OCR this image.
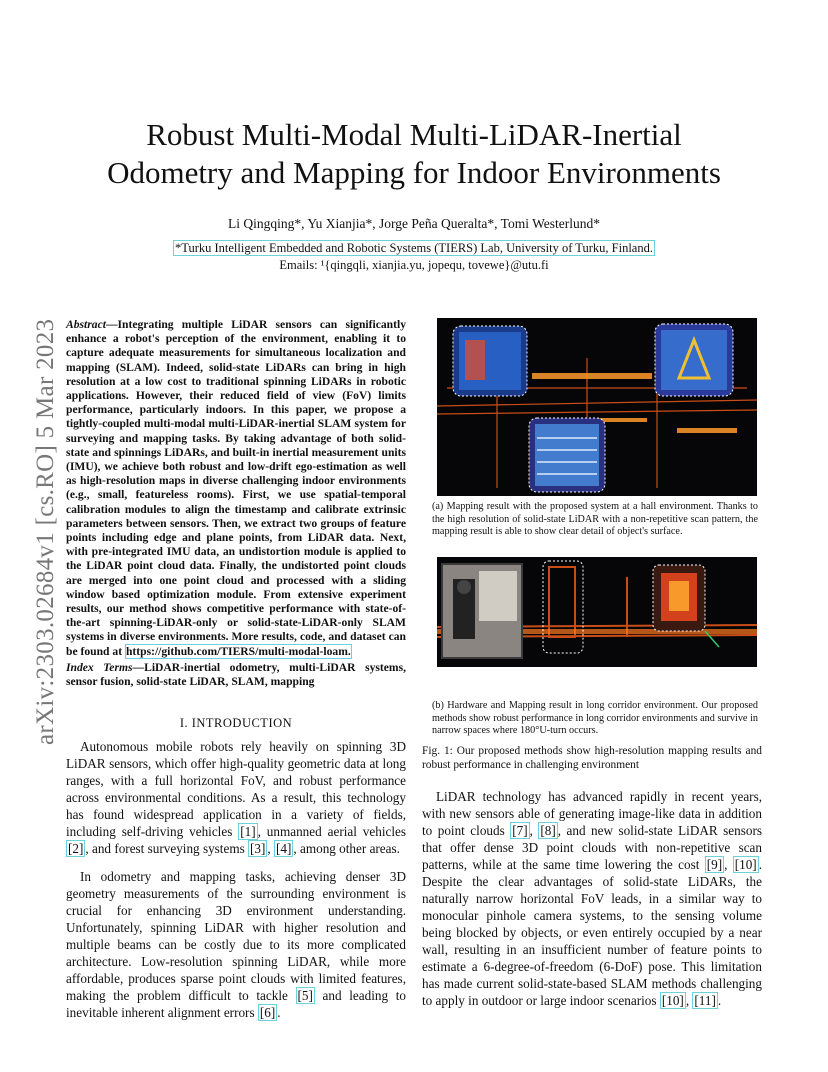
arXiv:2303.02684v1 [cs.RO] 5 Mar 2023
Robust Multi-Modal Multi-LiDAR-Inertial
Odometry and Mapping for Indoor Environments
Li Qingqing*, Yu Xianjia*, Jorge Peña Queralta*, Tomi Westerlund*
*Turku Intelligent Embedded and Robotic Systems (TIERS) Lab, University of Turku, Finland.
Emails: ¹{qingqli, xianjia.yu, jopequ, tovewe}@utu.fi
Abstract—Integrating multiple LiDAR sensors can significantly enhance a robot's perception of the environment, enabling it to capture adequate measurements for simultaneous localization and mapping (SLAM). Indeed, solid-state LiDARs can bring in high resolution at a low cost to traditional spinning LiDARs in robotic applications. However, their reduced field of view (FoV) limits performance, particularly indoors. In this paper, we propose a tightly-coupled multi-modal multi-LiDAR-inertial SLAM system for surveying and mapping tasks. By taking advantage of both solid-state and spinnings LiDARs, and built-in inertial measurement units (IMU), we achieve both robust and low-drift ego-estimation as well as high-resolution maps in diverse challenging indoor environments (e.g., small, featureless rooms). First, we use spatial-temporal calibration modules to align the timestamp and calibrate extrinsic parameters between sensors. Then, we extract two groups of feature points including edge and plane points, from LiDAR data. Next, with pre-integrated IMU data, an undistortion module is applied to the LiDAR point cloud data. Finally, the undistorted point clouds are merged into one point cloud and processed with a sliding window based optimization module. From extensive experiment results, our method shows competitive performance with state-of-the-art spinning-LiDAR-only or solid-state-LiDAR-only SLAM systems in diverse environments. More results, code, and dataset can be found at https://github.com/TIERS/multi-modal-loam.
Index Terms—LiDAR-inertial odometry, multi-LiDAR systems, sensor fusion, solid-state LiDAR, SLAM, mapping
I. INTRODUCTION

Autonomous mobile robots rely heavily on spinning 3D LiDAR sensors, which offer high-quality geometric data at long ranges, with a full horizontal FoV, and robust performance across environmental conditions. As a result, this technology has found widespread application in a variety of fields, including self-driving vehicles [1] , unmanned aerial vehicles [2] , and forest surveying systems [3] , [4] , among other areas.

In odometry and mapping tasks, achieving denser 3D geometry measurements of the surrounding environment is crucial for enhancing 3D environment understanding. Unfortunately, spinning LiDAR with higher resolution and multiple beams can be costly due to its more complicated architecture. Low-resolution spinning LiDAR, while more affordable, produces sparse point clouds with limited features, making the problem difficult to tackle [5] and leading to inevitable inherent alignment errors [6] .

(a) Mapping result with the proposed system at a hall environment. Thanks to the high resolution of solid-state LiDAR with a non-repetitive scan pattern, the mapping result is able to show clear detail of object's surface.
(b) Hardware and Mapping result in long corridor environment. Our proposed methods show robust performance in long corridor environments and survive in narrow spaces where 180°U-turn occurs.
Fig. 1: Our proposed methods show high-resolution mapping results and robust performance in challenging environment

LiDAR technology has advanced rapidly in recent years, with new sensors able of generating image-like data in addition to point clouds [7] , [8] , and new solid-state LiDAR sensors that offer dense 3D point clouds with non-repetitive scan patterns, while at the same time lowering the cost [9] , [10] . Despite the clear advantages of solid-state LiDARs, the naturally narrow horizontal FoV leads, in a similar way to monocular pinhole camera systems, to the sensing volume being blocked by objects, or even entirely occupied by a near wall, resulting in an insufficient number of feature points to estimate a 6-degree-of-freedom (6-DoF) pose. This limitation has made current solid-state-based SLAM methods challenging to apply in outdoor or large indoor scenarios [10] , [11] .
